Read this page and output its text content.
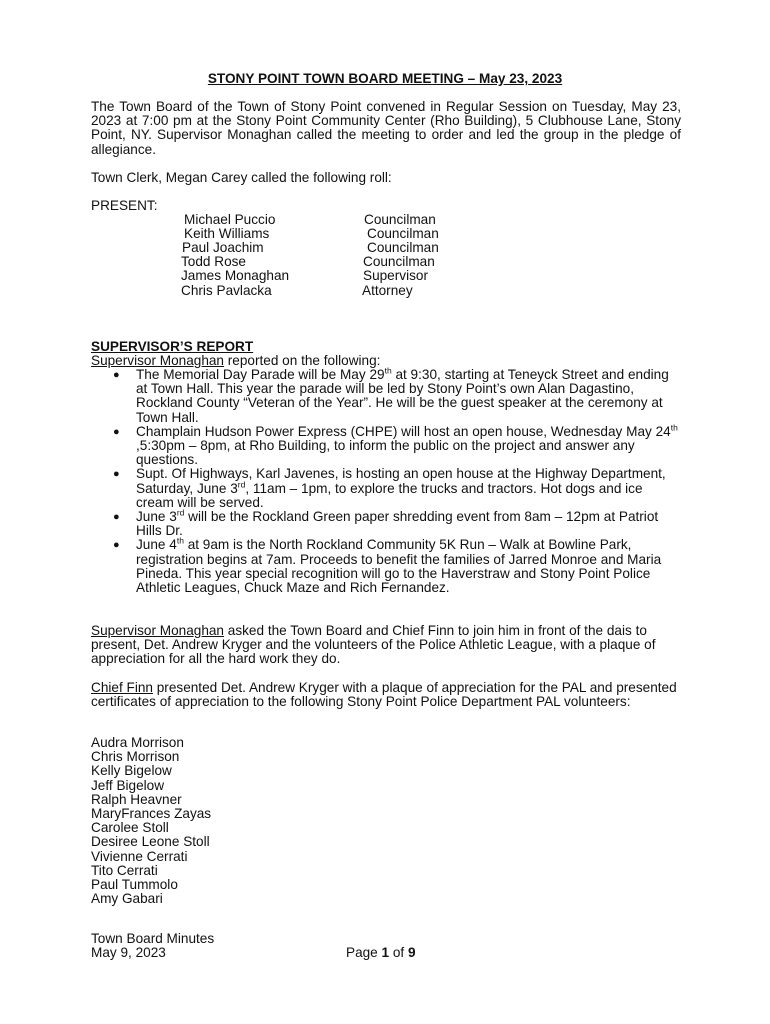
STONY POINT TOWN BOARD MEETING – May 23, 2023

The Town Board of the Town of Stony Point convened in Regular Session on Tuesday, May 23, 2023 at 7:00 pm at the Stony Point Community Center (Rho Building), 5 Clubhouse Lane, Stony Point, NY. Supervisor Monaghan called the meeting to order and led the group in the pledge of allegiance.

Town Clerk, Megan Carey called the following roll:

PRESENT:
Michael Puccio	Councilman
Keith Williams	Councilman
Paul Joachim	Councilman
Todd Rose	Councilman
James Monaghan	Supervisor
Chris Pavlacka	Attorney
SUPERVISOR’S REPORT
Supervisor Monaghan reported on the following:
● The Memorial Day Parade will be May 29th at 9:30, starting at Teneyck Street and ending at Town Hall. This year the parade will be led by Stony Point’s own Alan Dagastino, Rockland County “Veteran of the Year”. He will be the guest speaker at the ceremony at Town Hall.
● Champlain Hudson Power Express (CHPE) will host an open house, Wednesday May 24th ,5:30pm – 8pm, at Rho Building, to inform the public on the project and answer any questions.
● Supt. Of Highways, Karl Javenes, is hosting an open house at the Highway Department, Saturday, June 3rd, 11am – 1pm, to explore the trucks and tractors. Hot dogs and ice cream will be served.
● June 3rd will be the Rockland Green paper shredding event from 8am – 12pm at Patriot Hills Dr.
● June 4th at 9am is the North Rockland Community 5K Run – Walk at Bowline Park, registration begins at 7am. Proceeds to benefit the families of Jarred Monroe and Maria Pineda. This year special recognition will go to the Haverstraw and Stony Point Police Athletic Leagues, Chuck Maze and Rich Fernandez.

Supervisor Monaghan asked the Town Board and Chief Finn to join him in front of the dais to present, Det. Andrew Kryger and the volunteers of the Police Athletic League, with a plaque of appreciation for all the hard work they do.

Chief Finn presented Det. Andrew Kryger with a plaque of appreciation for the PAL and presented certificates of appreciation to the following Stony Point Police Department PAL volunteers:

Audra Morrison
Chris Morrison
Kelly Bigelow
Jeff Bigelow
Ralph Heavner
MaryFrances Zayas
Carolee Stoll
Desiree Leone Stoll
Vivienne Cerrati
Tito Cerrati
Paul Tummolo
Amy Gabari
Town Board Minutes
May 9, 2023	Page 1 of 9
